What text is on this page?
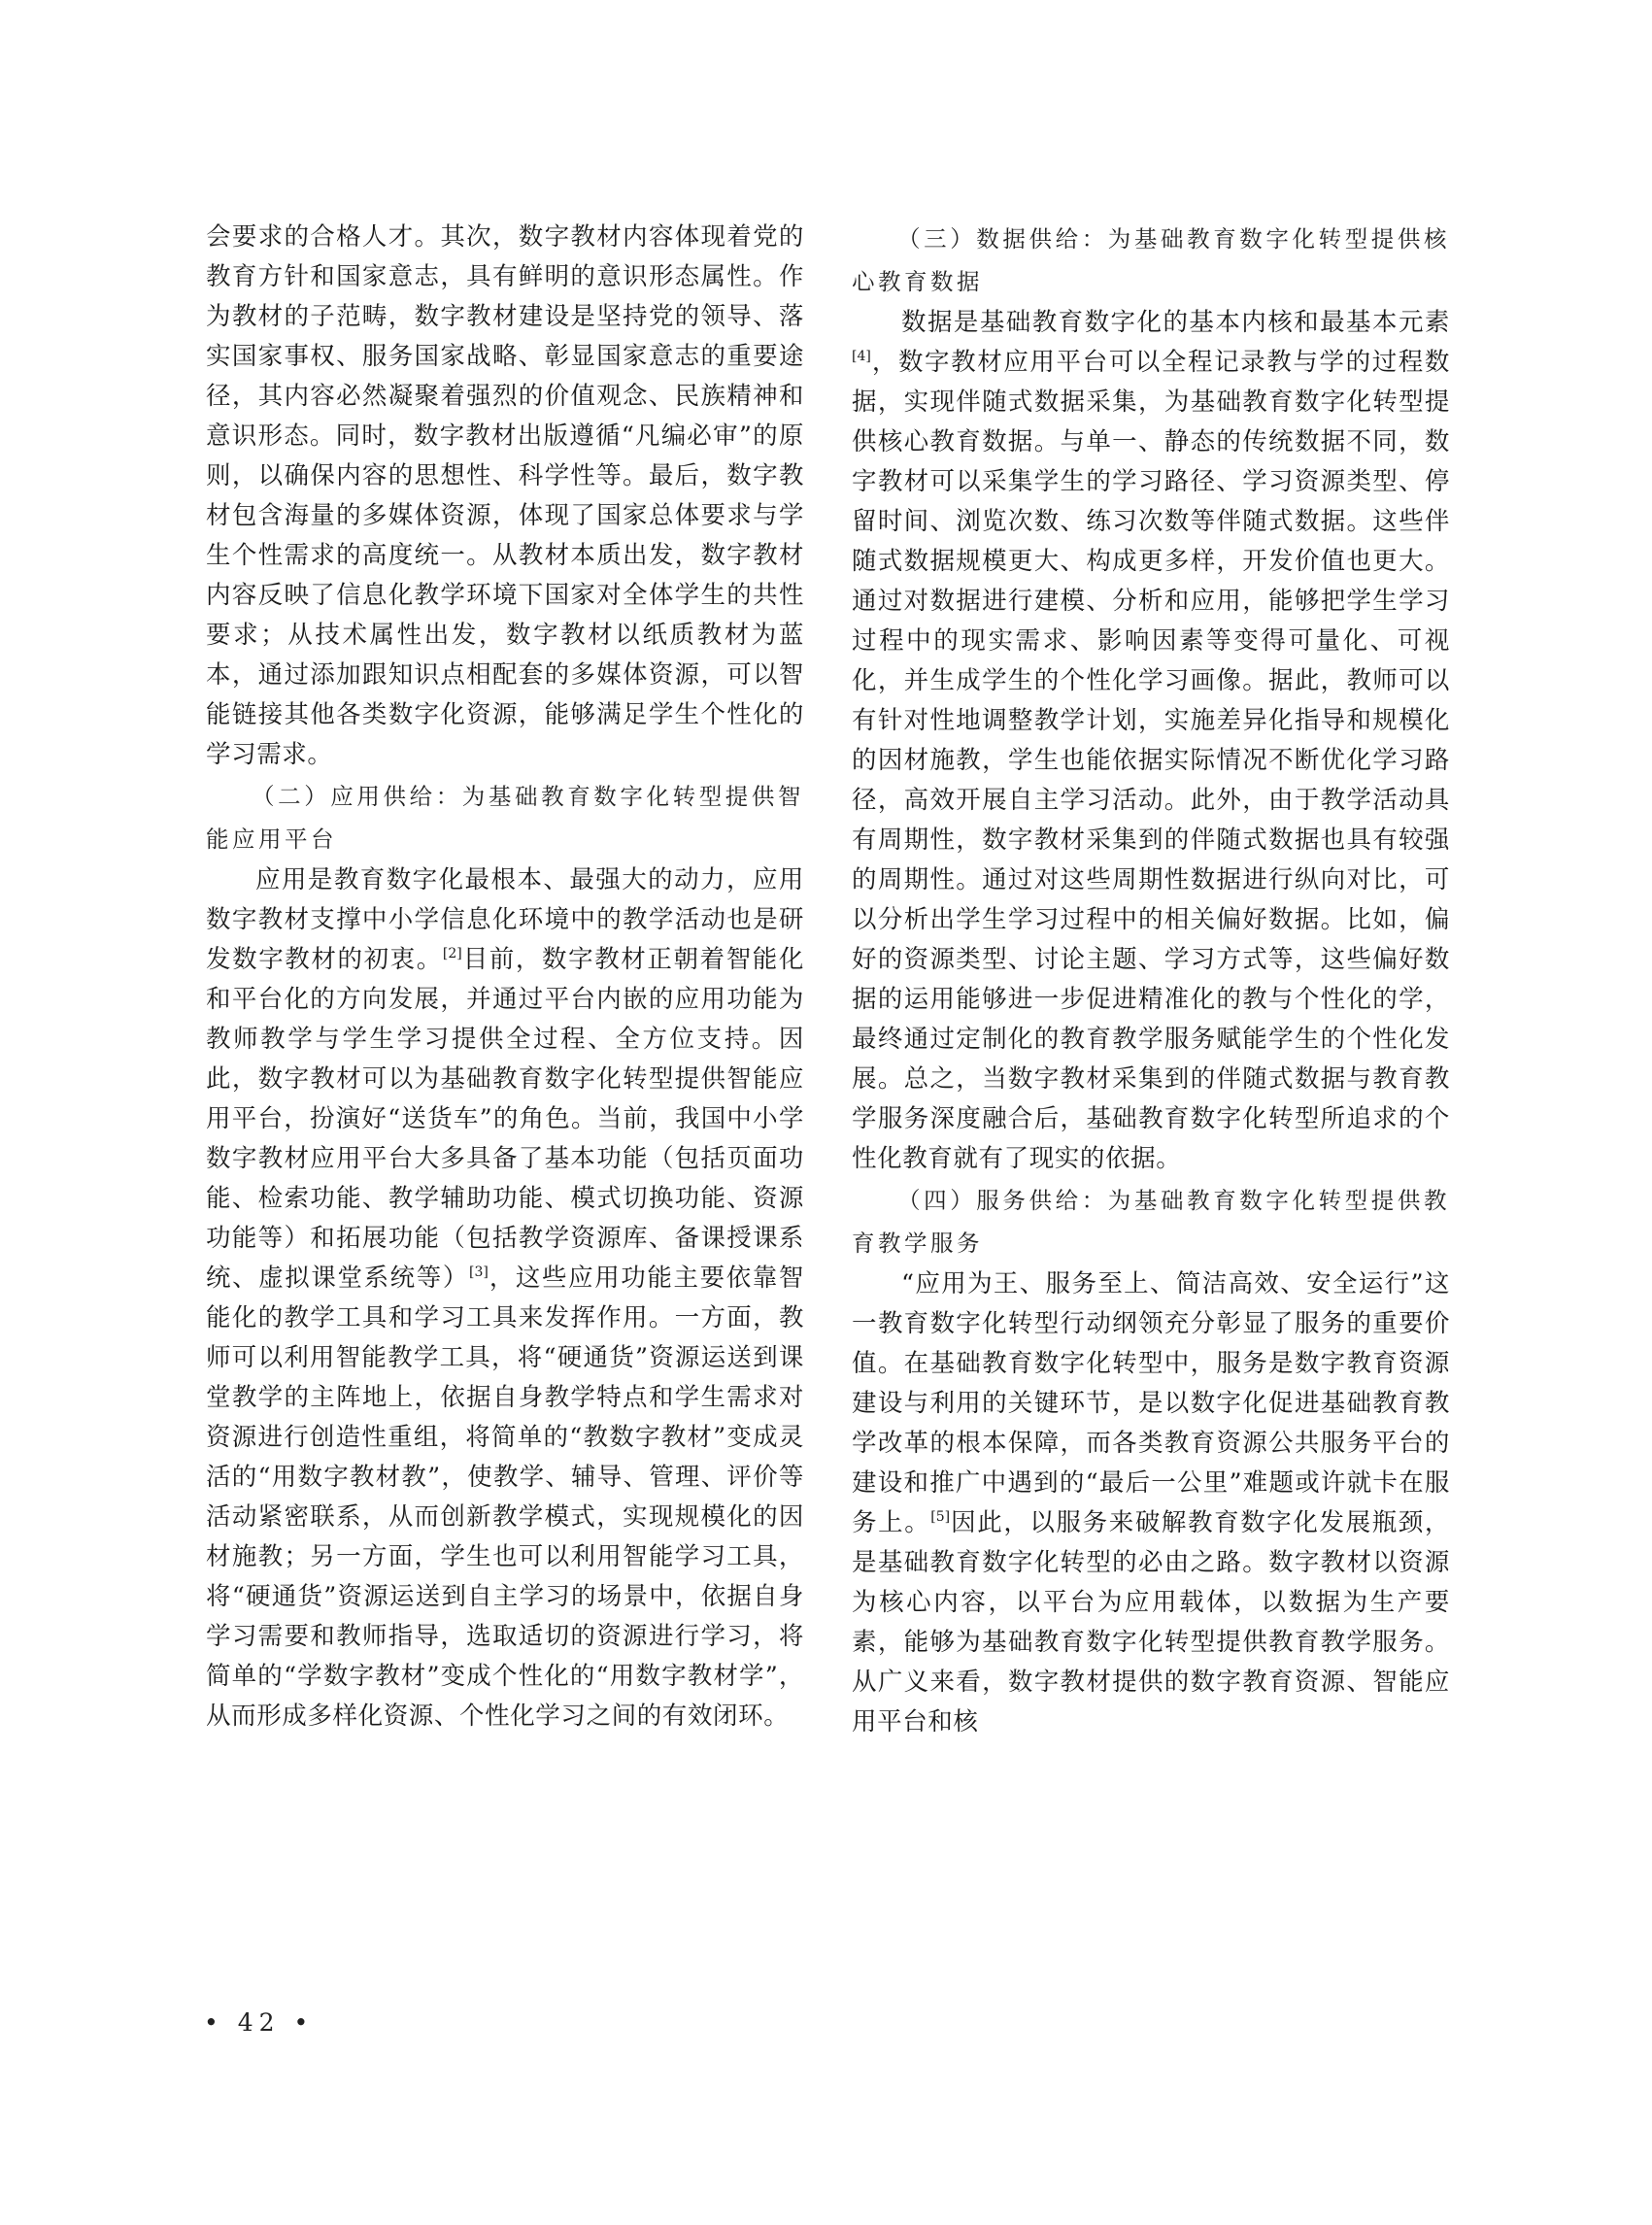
会要求的合格人才。其次，数字教材内容体现着党的教育方针和国家意志，具有鲜明的意识形态属性。作为教材的子范畴，数字教材建设是坚持党的领导、落实国家事权、服务国家战略、彰显国家意志的重要途径，其内容必然凝聚着强烈的价值观念、民族精神和意识形态。同时，数字教材出版遵循“凡编必审”的原则，以确保内容的思想性、科学性等。最后，数字教材包含海量的多媒体资源，体现了国家总体要求与学生个性需求的高度统一。从教材本质出发，数字教材内容反映了信息化教学环境下国家对全体学生的共性要求；从技术属性出发，数字教材以纸质教材为蓝本，通过添加跟知识点相配套的多媒体资源，可以智能链接其他各类数字化资源，能够满足学生个性化的学习需求。

（二）应用供给：为基础教育数字化转型提供智能应用平台

应用是教育数字化最根本、最强大的动力，应用数字教材支撑中小学信息化环境中的教学活动也是研发数字教材的初衷。[2]目前，数字教材正朝着智能化和平台化的方向发展，并通过平台内嵌的应用功能为教师教学与学生学习提供全过程、全方位支持。因此，数字教材可以为基础教育数字化转型提供智能应用平台，扮演好“送货车”的角色。当前，我国中小学数字教材应用平台大多具备了基本功能（包括页面功能、检索功能、教学辅助功能、模式切换功能、资源功能等）和拓展功能（包括教学资源库、备课授课系统、虚拟课堂系统等）[3]，这些应用功能主要依靠智能化的教学工具和学习工具来发挥作用。一方面，教师可以利用智能教学工具，将“硬通货”资源运送到课堂教学的主阵地上，依据自身教学特点和学生需求对资源进行创造性重组，将简单的“教数字教材”变成灵活的“用数字教材教”，使教学、辅导、管理、评价等活动紧密联系，从而创新教学模式，实现规模化的因材施教；另一方面，学生也可以利用智能学习工具，将“硬通货”资源运送到自主学习的场景中，依据自身学习需要和教师指导，选取适切的资源进行学习，将简单的“学数字教材”变成个性化的“用数字教材学”，从而形成多样化资源、个性化学习之间的有效闭环。

（三）数据供给：为基础教育数字化转型提供核心教育数据

数据是基础教育数字化的基本内核和最基本元素[4]，数字教材应用平台可以全程记录教与学的过程数据，实现伴随式数据采集，为基础教育数字化转型提供核心教育数据。与单一、静态的传统数据不同，数字教材可以采集学生的学习路径、学习资源类型、停留时间、浏览次数、练习次数等伴随式数据。这些伴随式数据规模更大、构成更多样，开发价值也更大。通过对数据进行建模、分析和应用，能够把学生学习过程中的现实需求、影响因素等变得可量化、可视化，并生成学生的个性化学习画像。据此，教师可以有针对性地调整教学计划，实施差异化指导和规模化的因材施教，学生也能依据实际情况不断优化学习路径，高效开展自主学习活动。此外，由于教学活动具有周期性，数字教材采集到的伴随式数据也具有较强的周期性。通过对这些周期性数据进行纵向对比，可以分析出学生学习过程中的相关偏好数据。比如，偏好的资源类型、讨论主题、学习方式等，这些偏好数据的运用能够进一步促进精准化的教与个性化的学，最终通过定制化的教育教学服务赋能学生的个性化发展。总之，当数字教材采集到的伴随式数据与教育教学服务深度融合后，基础教育数字化转型所追求的个性化教育就有了现实的依据。

（四）服务供给：为基础教育数字化转型提供教育教学服务

“应用为王、服务至上、简洁高效、安全运行”这一教育数字化转型行动纲领充分彰显了服务的重要价值。在基础教育数字化转型中，服务是数字教育资源建设与利用的关键环节，是以数字化促进基础教育教学改革的根本保障，而各类教育资源公共服务平台的建设和推广中遇到的“最后一公里”难题或许就卡在服务上。[5]因此，以服务来破解教育数字化发展瓶颈，是基础教育数字化转型的必由之路。数字教材以资源为核心内容，以平台为应用载体，以数据为生产要素，能够为基础教育数字化转型提供教育教学服务。从广义来看，数字教材提供的数字教育资源、智能应用平台和核

• 42 •
